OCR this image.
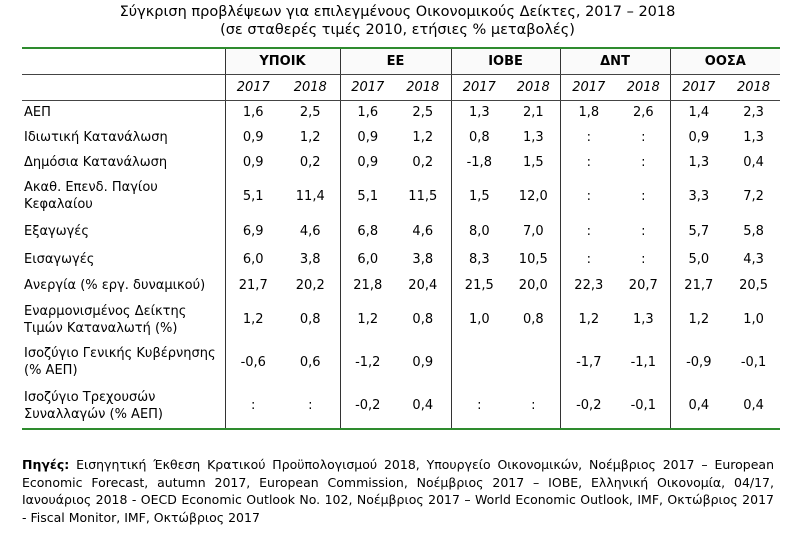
Σύγκριση προβλέψεων για επιλεγμένους Οικονομικούς Δείκτες, 2017 – 2018
(σε σταθερές τιμές 2010, ετήσιες % μεταβολές)
	ΥΠΟΙΚ		ΕΕ		ΙΟΒΕ		ΔΝΤ		ΟΟΣΑ	
	2017	2018	2017	2018	2017	2018	2017	2018	2017	2018
ΑΕΠ	1,6	2,5	1,6	2,5	1,3	2,1	1,8	2,6	1,4	2,3
Ιδιωτική Κατανάλωση	0,9	1,2	0,9	1,2	0,8	1,3	:	:	0,9	1,3
Δημόσια Κατανάλωση	0,9	0,2	0,9	0,2	-1,8	1,5	:	:	1,3	0,4
Ακαθ. Επενδ. Παγίου Κεφαλαίου	5,1	11,4	5,1	11,5	1,5	12,0	:	:	3,3	7,2
Εξαγωγές	6,9	4,6	6,8	4,6	8,0	7,0	:	:	5,7	5,8
Εισαγωγές	6,0	3,8	6,0	3,8	8,3	10,5	:	:	5,0	4,3
Ανεργία (% εργ. δυναμικού)	21,7	20,2	21,8	20,4	21,5	20,0	22,3	20,7	21,7	20,5
Εναρμονισμένος Δείκτης Τιμών Καταναλωτή (%)	1,2	0,8	1,2	0,8	1,0	0,8	1,2	1,3	1,2	1,0
Ισοζύγιο Γενικής Κυβέρνησης (% ΑΕΠ)	-0,6	0,6	-1,2	0,9			-1,7	-1,1	-0,9	-0,1
Ισοζύγιο Τρεχουσών Συναλλαγών (% ΑΕΠ)	:	:	-0,2	0,4	:	:	-0,2	-0,1	0,4	0,4
Πηγές: Εισηγητική Έκθεση Κρατικού Προϋπολογισμού 2018, Υπουργείο Οικονομικών, Νοέμβριος 2017 – European Economic Forecast, autumn 2017, European Commission, Νοέμβριος 2017 – ΙΟΒΕ, Ελληνική Οικονομία, 04/17, Ιανουάριος 2018 - OECD Economic Outlook No. 102, Νοέμβριος 2017 – World Economic Outlook, IMF, Οκτώβριος 2017 - Fiscal Monitor, IMF, Οκτώβριος 2017
